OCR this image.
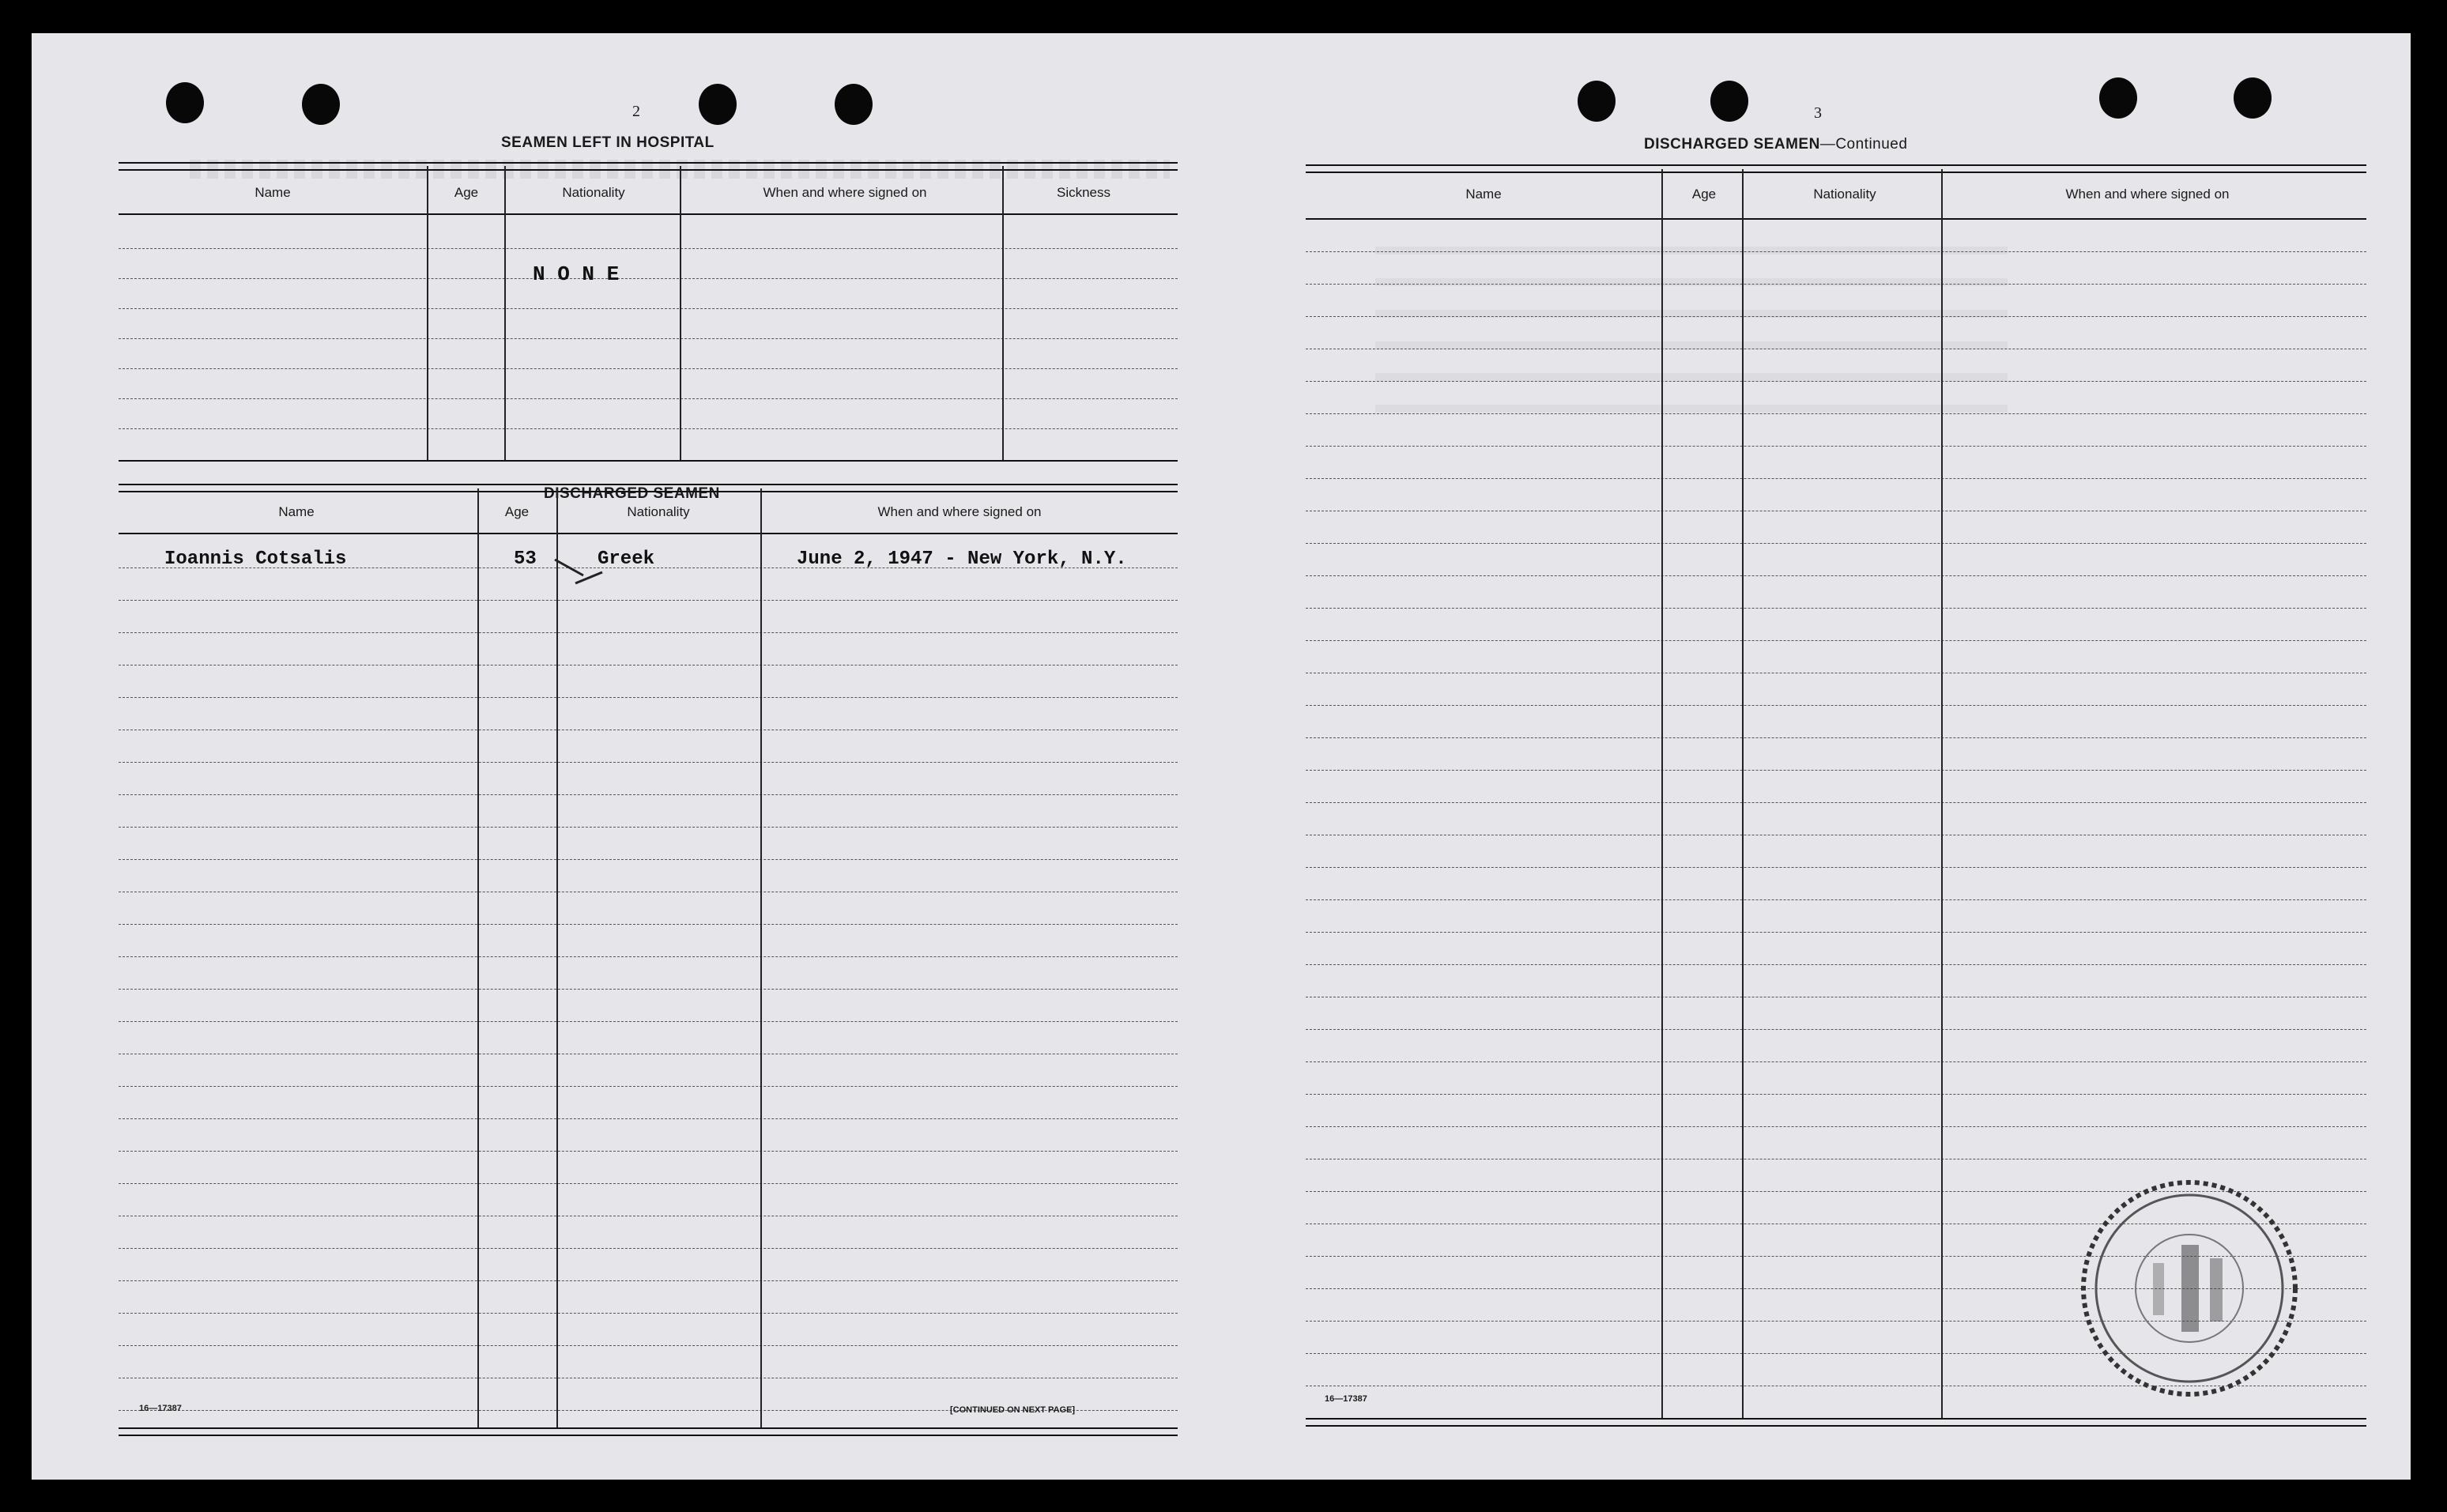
2
SEAMEN LEFT IN HOSPITAL
Name	Age	Nationality	When and where signed on	Sickness
N O N E
DISCHARGED SEAMEN
Name	Age	Nationality	When and where signed on
Ioannis Cotsalis	53	Greek	June 2, 1947 - New York, N.Y.
16—17387	[CONTINUED ON NEXT PAGE]
3
DISCHARGED SEAMEN—Continued
Name	Age	Nationality	When and where signed on
16—17387
